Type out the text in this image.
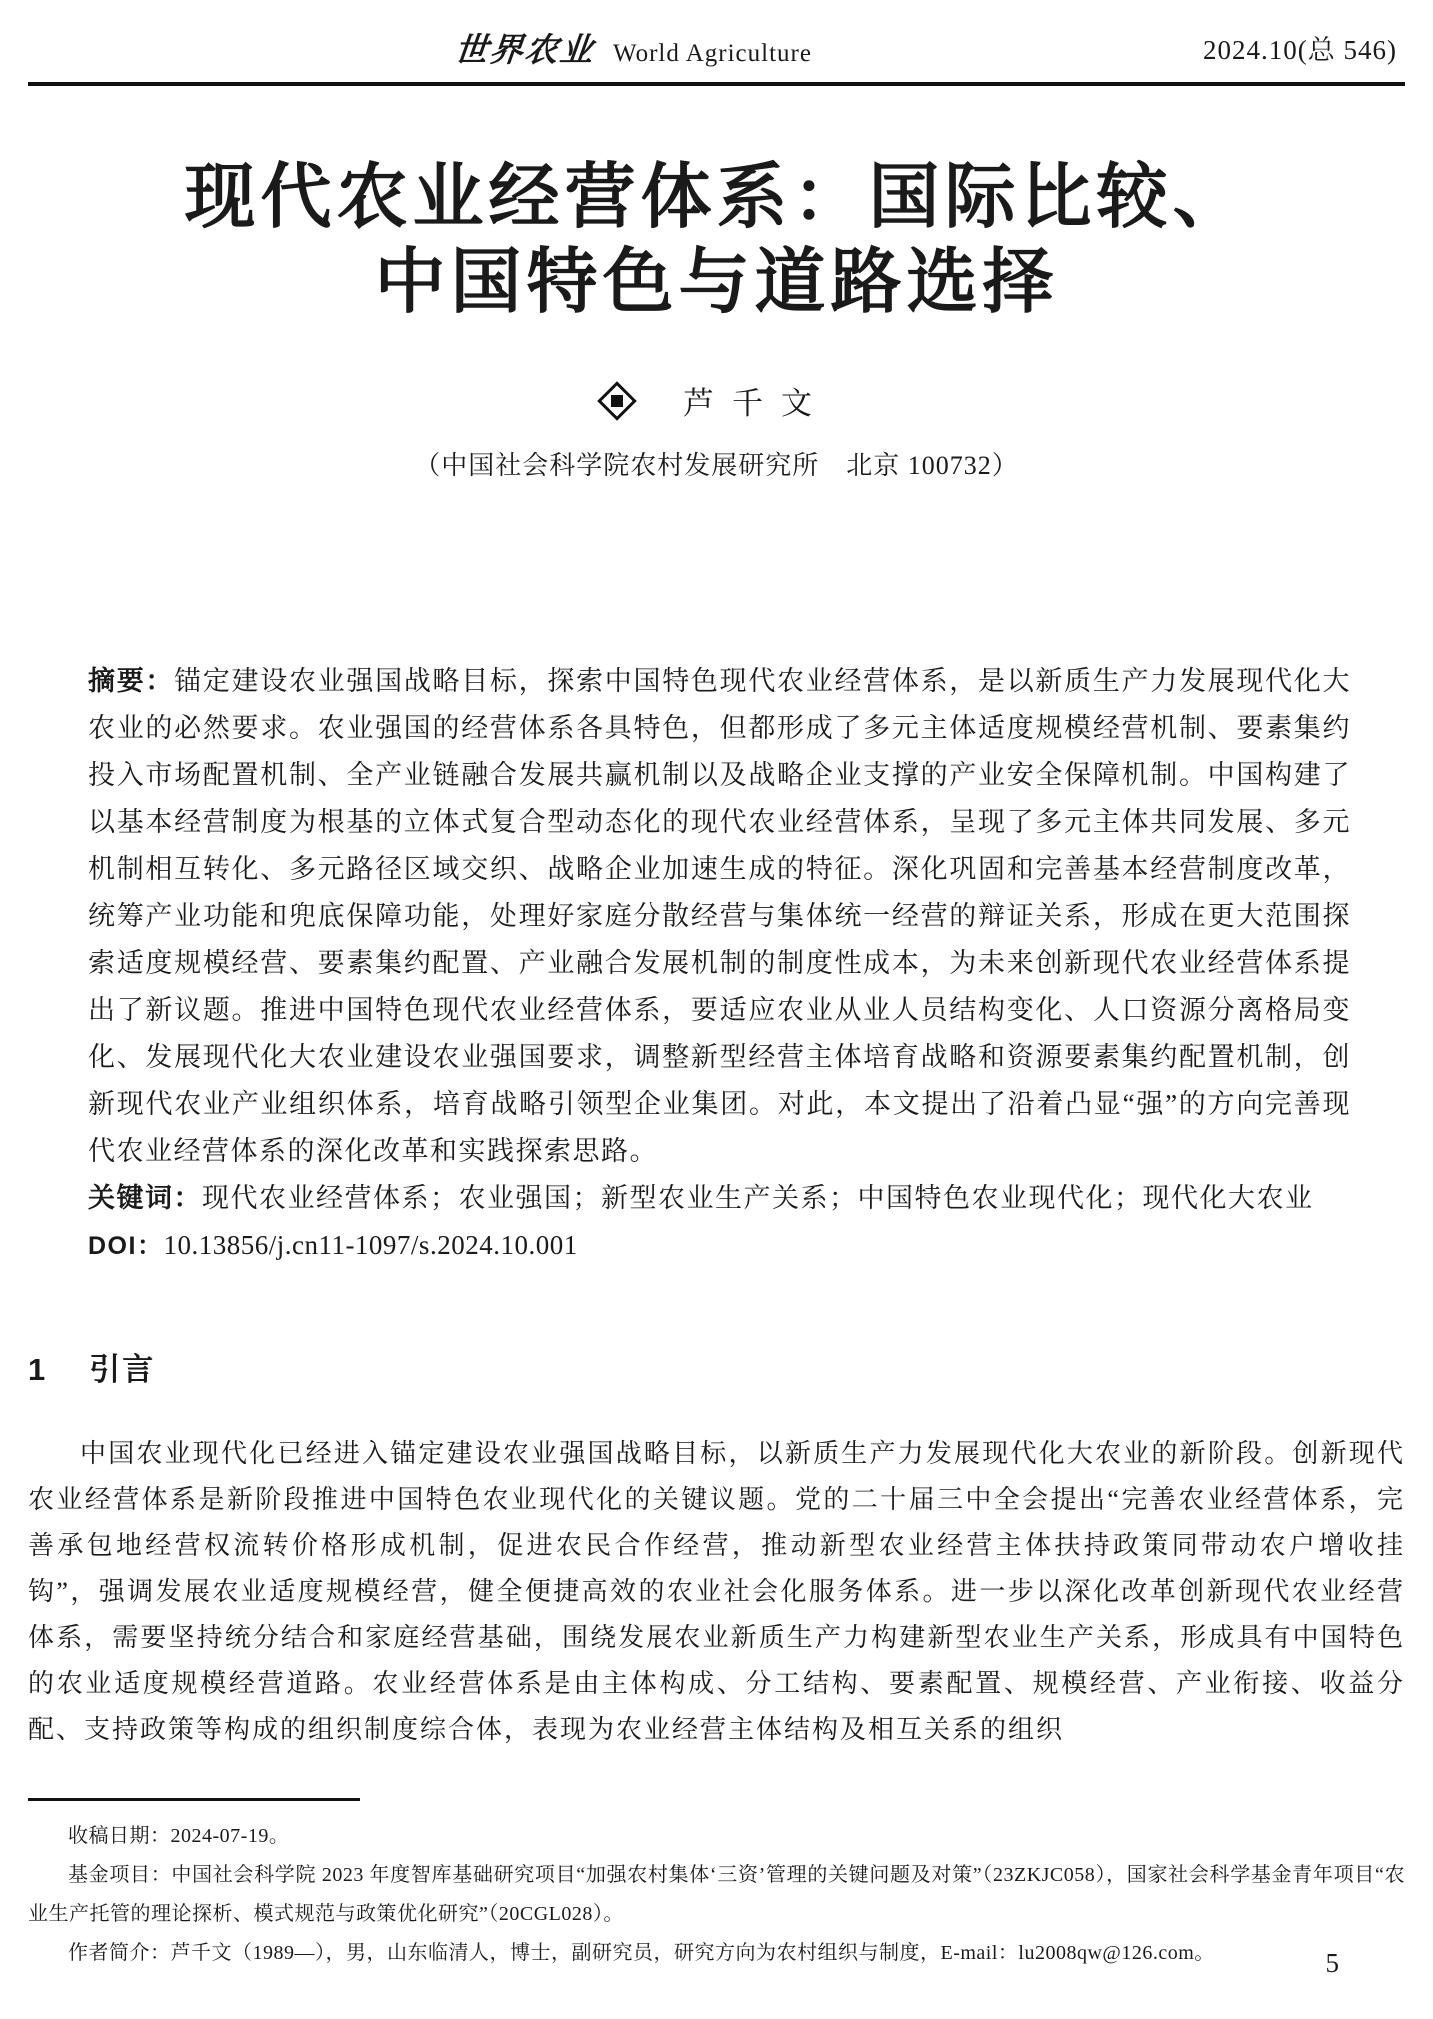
世界农业 World Agriculture	2024.10(总 546)
现代农业经营体系：国际比较、
中国特色与道路选择
芦千文
（中国社会科学院农村发展研究所　北京 100732）

摘要：锚定建设农业强国战略目标，探索中国特色现代农业经营体系，是以新质生产力发展现代化大农业的必然要求。农业强国的经营体系各具特色，但都形成了多元主体适度规模经营机制、要素集约投入市场配置机制、全产业链融合发展共赢机制以及战略企业支撑的产业安全保障机制。中国构建了以基本经营制度为根基的立体式复合型动态化的现代农业经营体系，呈现了多元主体共同发展、多元机制相互转化、多元路径区域交织、战略企业加速生成的特征。深化巩固和完善基本经营制度改革，统筹产业功能和兜底保障功能，处理好家庭分散经营与集体统一经营的辩证关系，形成在更大范围探索适度规模经营、要素集约配置、产业融合发展机制的制度性成本，为未来创新现代农业经营体系提出了新议题。推进中国特色现代农业经营体系，要适应农业从业人员结构变化、人口资源分离格局变化、发展现代化大农业建设农业强国要求，调整新型经营主体培育战略和资源要素集约配置机制，创新现代农业产业组织体系，培育战略引领型企业集团。对此，本文提出了沿着凸显“强”的方向完善现代农业经营体系的深化改革和实践探索思路。

关键词：现代农业经营体系；农业强国；新型农业生产关系；中国特色农业现代化；现代化大农业

DOI：10.13856/j.cn11-1097/s.2024.10.001

1 引言

中国农业现代化已经进入锚定建设农业强国战略目标，以新质生产力发展现代化大农业的新阶段。创新现代农业经营体系是新阶段推进中国特色农业现代化的关键议题。党的二十届三中全会提出“完善农业经营体系，完善承包地经营权流转价格形成机制，促进农民合作经营，推动新型农业经营主体扶持政策同带动农户增收挂钩”，强调发展农业适度规模经营，健全便捷高效的农业社会化服务体系。进一步以深化改革创新现代农业经营体系，需要坚持统分结合和家庭经营基础，围绕发展农业新质生产力构建新型农业生产关系，形成具有中国特色的农业适度规模经营道路。农业经营体系是由主体构成、分工结构、要素配置、规模经营、产业衔接、收益分配、支持政策等构成的组织制度综合体，表现为农业经营主体结构及相互关系的组织

收稿日期：2024-07-19。

基金项目：中国社会科学院 2023 年度智库基础研究项目“加强农村集体‘三资’管理的关键问题及对策”（23ZKJC058），国家社会科学基金青年项目“农业生产托管的理论探析、模式规范与政策优化研究”（20CGL028）。

作者简介：芦千文（1989—），男，山东临清人，博士，副研究员，研究方向为农村组织与制度，E-mail：lu2008qw@126.com。	5
